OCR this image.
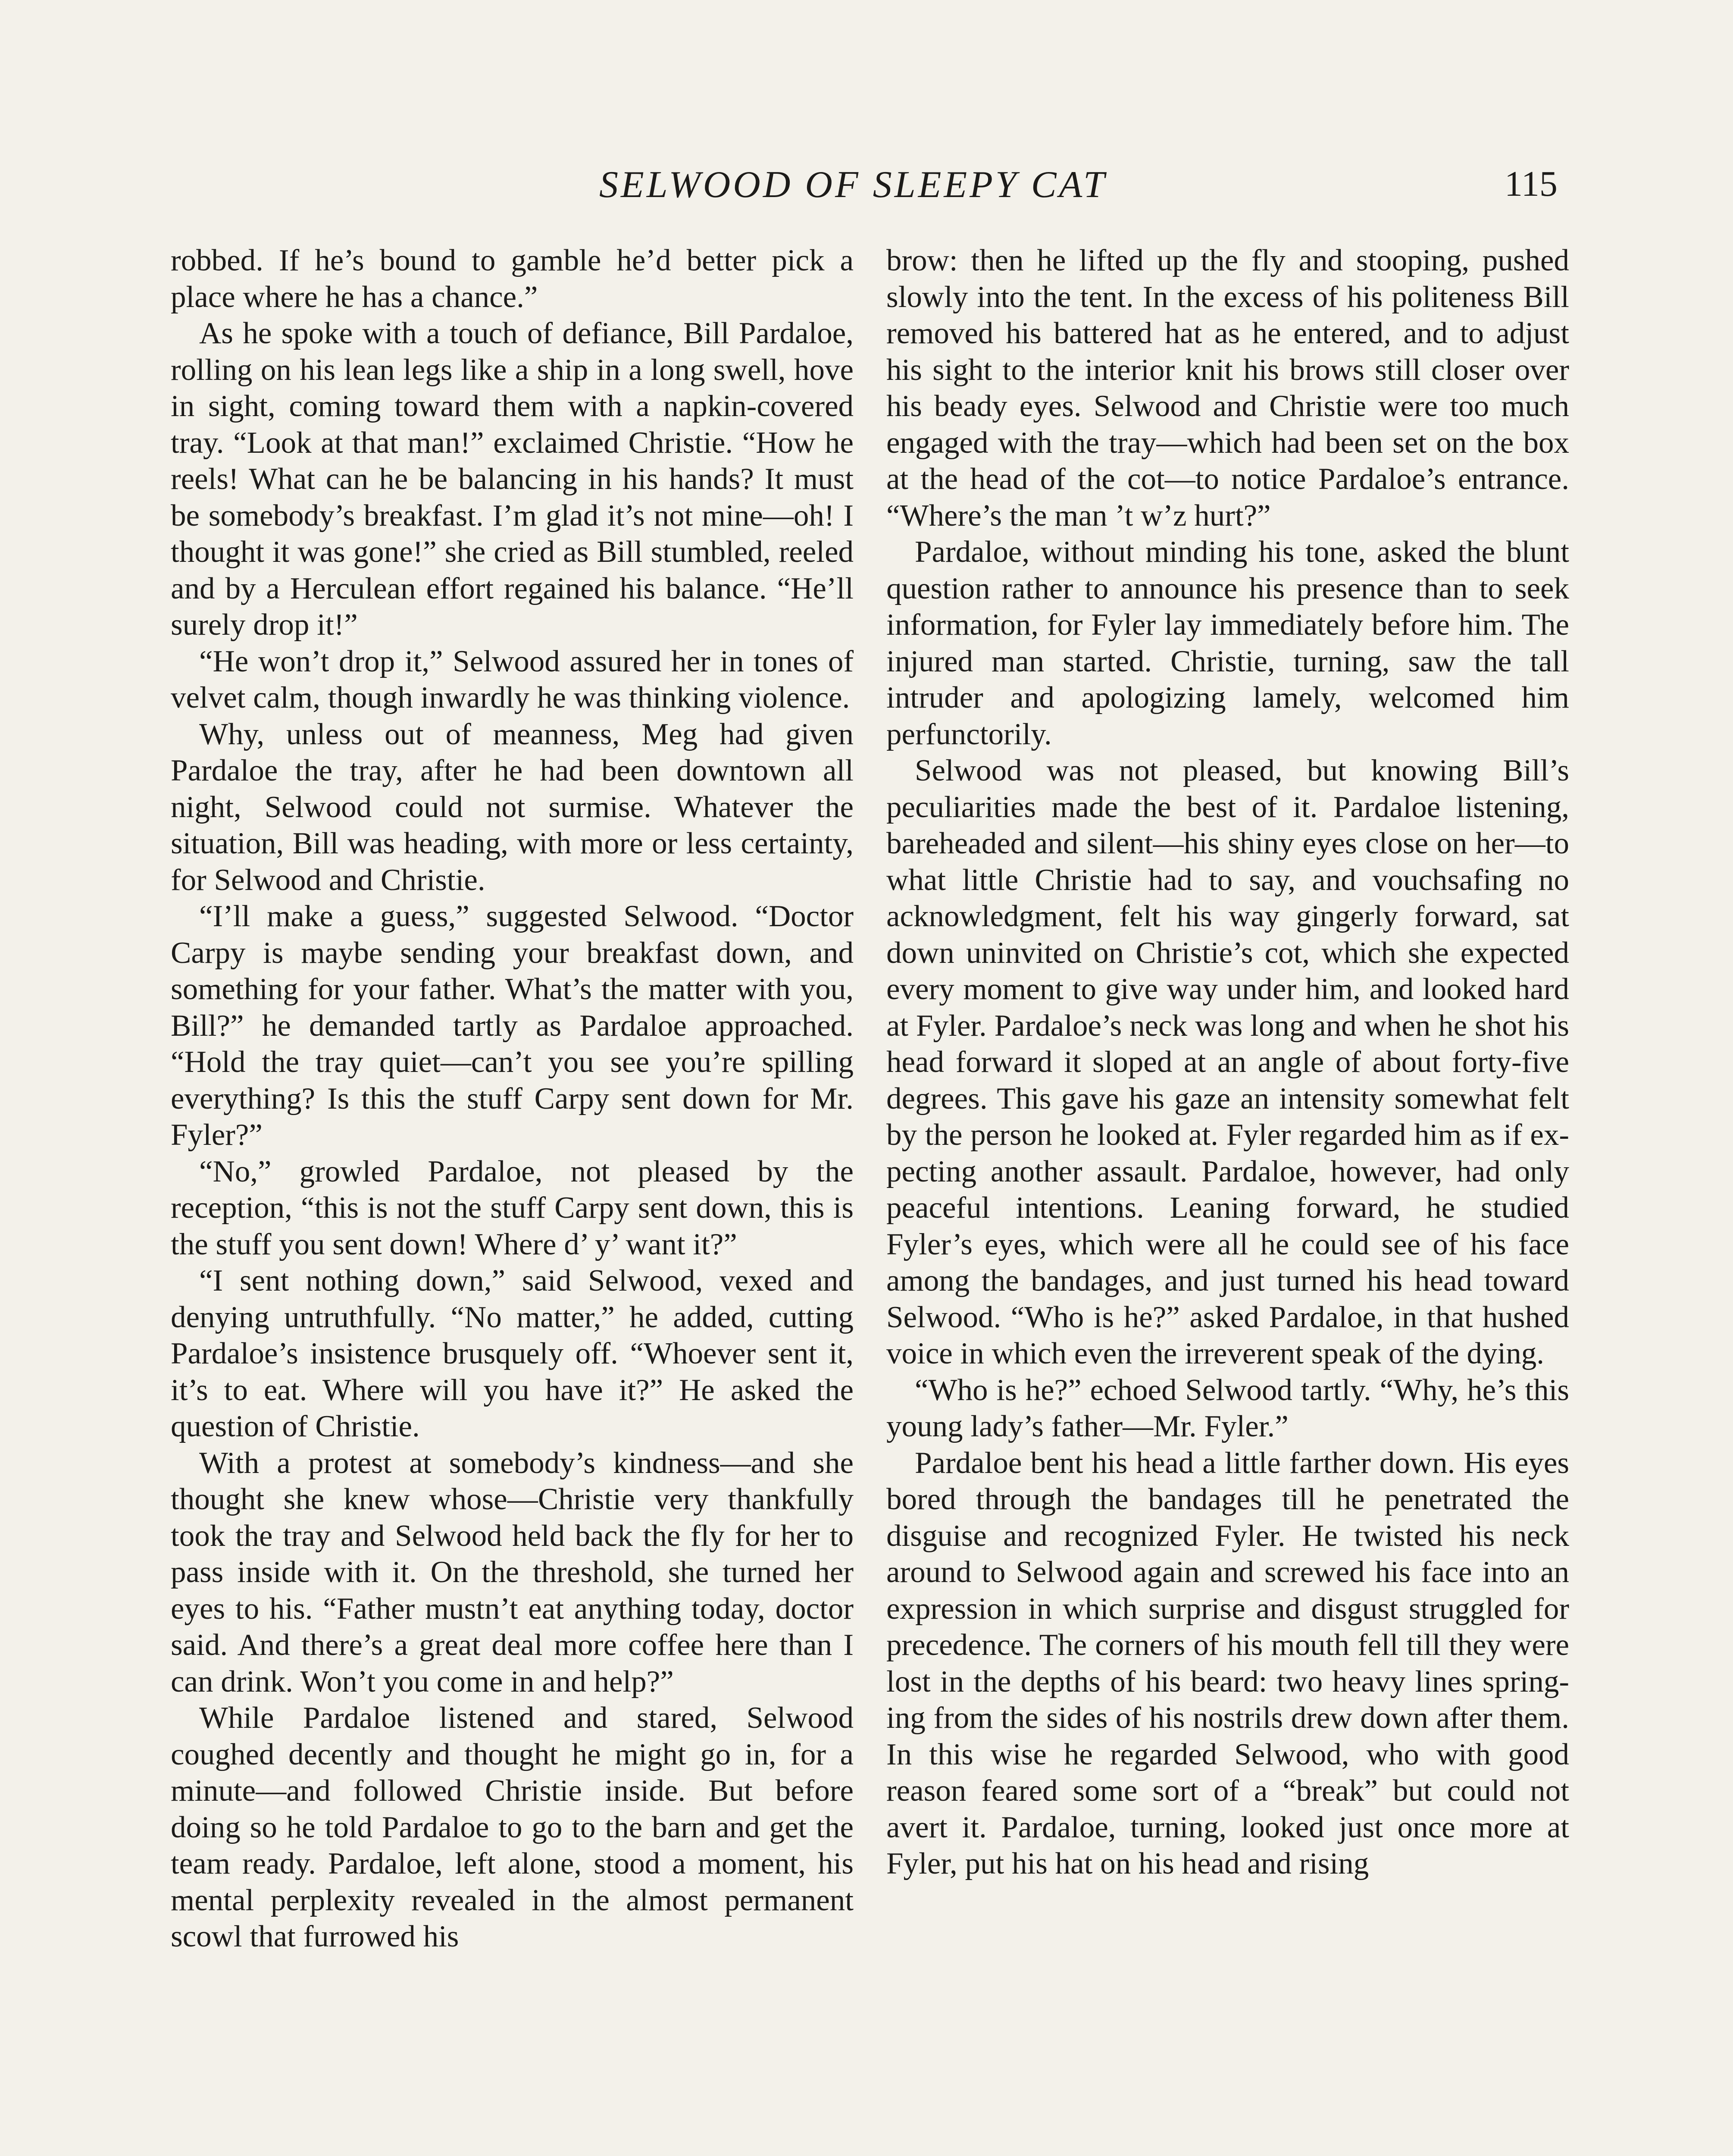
SELWOOD OF SLEEPY CAT	115

robbed. If he’s bound to gamble he’d better pick a place where he has a chance.”

As he spoke with a touch of defiance, Bill Pardaloe, rolling on his lean legs like a ship in a long swell, hove in sight, coming toward them with a napkin-covered tray. “Look at that man!” exclaimed Christie. “How he reels! What can he be balancing in his hands? It must be somebody’s breakfast. I’m glad it’s not mine—oh! I thought it was gone!” she cried as Bill stumbled, reeled and by a Herculean effort regained his balance. “He’ll surely drop it!”

“He won’t drop it,” Selwood assured her in tones of velvet calm, though inwardly he was thinking violence.

Why, unless out of meanness, Meg had given Pardaloe the tray, after he had been downtown all night, Selwood could not surmise. Whatever the situation, Bill was heading, with more or less certainty, for Selwood and Christie.

“I’ll make a guess,” suggested Selwood. “Doctor Carpy is maybe sending your breakfast down, and something for your father. What’s the matter with you, Bill?” he demanded tartly as Pardaloe approached. “Hold the tray quiet—can’t you see you’re spilling everything? Is this the stuff Carpy sent down for Mr. Fyler?”

“No,” growled Pardaloe, not pleased by the reception, “this is not the stuff Carpy sent down, this is the stuff you sent down! Where d’ y’ want it?”

“I sent nothing down,” said Selwood, vexed and denying untruthfully. “No matter,” he added, cutting Pardaloe’s insistence brusquely off. “Whoever sent it, it’s to eat. Where will you have it?” He asked the question of Christie.

With a protest at somebody’s kindness—and she thought she knew whose—Christie very thankfully took the tray and Selwood held back the fly for her to pass inside with it. On the threshold, she turned her eyes to his. “Father mustn’t eat anything today, doctor said. And there’s a great deal more coffee here than I can drink. Won’t you come in and help?”

While Pardaloe listened and stared, Selwood coughed decently and thought he might go in, for a minute—and followed Christie inside. But before doing so he told Pardaloe to go to the barn and get the team ready. Pardaloe, left alone, stood a moment, his mental perplexity revealed in the almost permanent scowl that furrowed his

brow: then he lifted up the fly and stooping, pushed slowly into the tent. In the excess of his politeness Bill removed his battered hat as he entered, and to adjust his sight to the interior knit his brows still closer over his beady eyes. Selwood and Christie were too much engaged with the tray—which had been set on the box at the head of the cot—to notice Pardaloe’s entrance. “Where’s the man ’t w’z hurt?”

Pardaloe, without minding his tone, asked the blunt question rather to announce his presence than to seek information, for Fyler lay immediately before him. The injured man started. Christie, turning, saw the tall intruder and apologizing lamely, welcomed him perfunctorily.

Selwood was not pleased, but knowing Bill’s peculiarities made the best of it. Pardaloe listening, bareheaded and silent—his shiny eyes close on her—to what little Christie had to say, and vouchsafing no acknowledgment, felt his way gingerly forward, sat down uninvited on Christie’s cot, which she expected every moment to give way under him, and looked hard at Fyler. Pardaloe’s neck was long and when he shot his head forward it sloped at an angle of about forty-five degrees. This gave his gaze an intensity somewhat felt by the person he looked at. Fyler regarded him as if expecting another assault. Pardaloe, however, had only peaceful intentions. Leaning forward, he studied Fyler’s eyes, which were all he could see of his face among the bandages, and just turned his head toward Selwood. “Who is he?” asked Pardaloe, in that hushed voice in which even the irreverent speak of the dying.

“Who is he?” echoed Selwood tartly. “Why, he’s this young lady’s father—Mr. Fyler.”

Pardaloe bent his head a little farther down. His eyes bored through the bandages till he penetrated the disguise and recognized Fyler. He twisted his neck around to Selwood again and screwed his face into an expression in which surprise and disgust struggled for precedence. The corners of his mouth fell till they were lost in the depths of his beard: two heavy lines springing from the sides of his nostrils drew down after them. In this wise he regarded Selwood, who with good reason feared some sort of a “break” but could not avert it. Pardaloe, turning, looked just once more at Fyler, put his hat on his head and rising
